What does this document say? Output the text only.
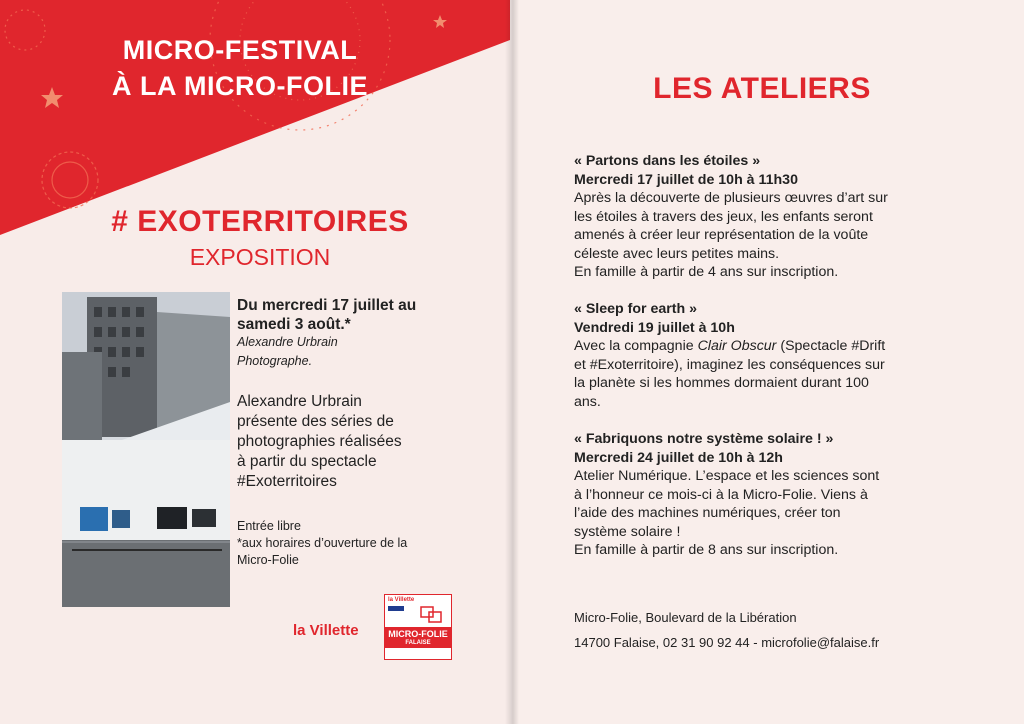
MICRO-FESTIVAL
À LA MICRO-FOLIE
# EXOTERRITOIRES
EXPOSITION
Du mercredi 17 juillet au
samedi 3 août.*
Alexandre Urbrain
Photographe.
Alexandre Urbrain
présente des séries de
photographies réalisées
à partir du spectacle
#Exoterritoires
Entrée libre
*aux horaires d’ouverture de la
Micro-Folie
la Villette
la Villette
MICRO-FOLIE
FALAISE
LES ATELIERS
« Partons dans les étoiles »
Mercredi 17 juillet de 10h à 11h30
Après la découverte de plusieurs œuvres d’art sur
les étoiles à travers des jeux, les enfants seront
amenés à créer leur représentation de la voûte
céleste avec leurs petites mains.
En famille à partir de 4 ans sur inscription.
« Sleep for earth »
Vendredi 19 juillet à 10h
Avec la compagnie Clair Obscur (Spectacle #Drift
et #Exoterritoire), imaginez les conséquences sur
la planète si les hommes dormaient durant 100
ans.
« Fabriquons notre système solaire ! »
Mercredi 24 juillet de 10h à 12h
Atelier Numérique. L’espace et les sciences sont
à l’honneur ce mois-ci à la Micro-Folie. Viens à
l’aide des machines numériques, créer ton
système solaire !
En famille à partir de 8 ans sur inscription.
Micro-Folie, Boulevard de la Libération
14700 Falaise, 02 31 90 92 44 - microfolie@falaise.fr
